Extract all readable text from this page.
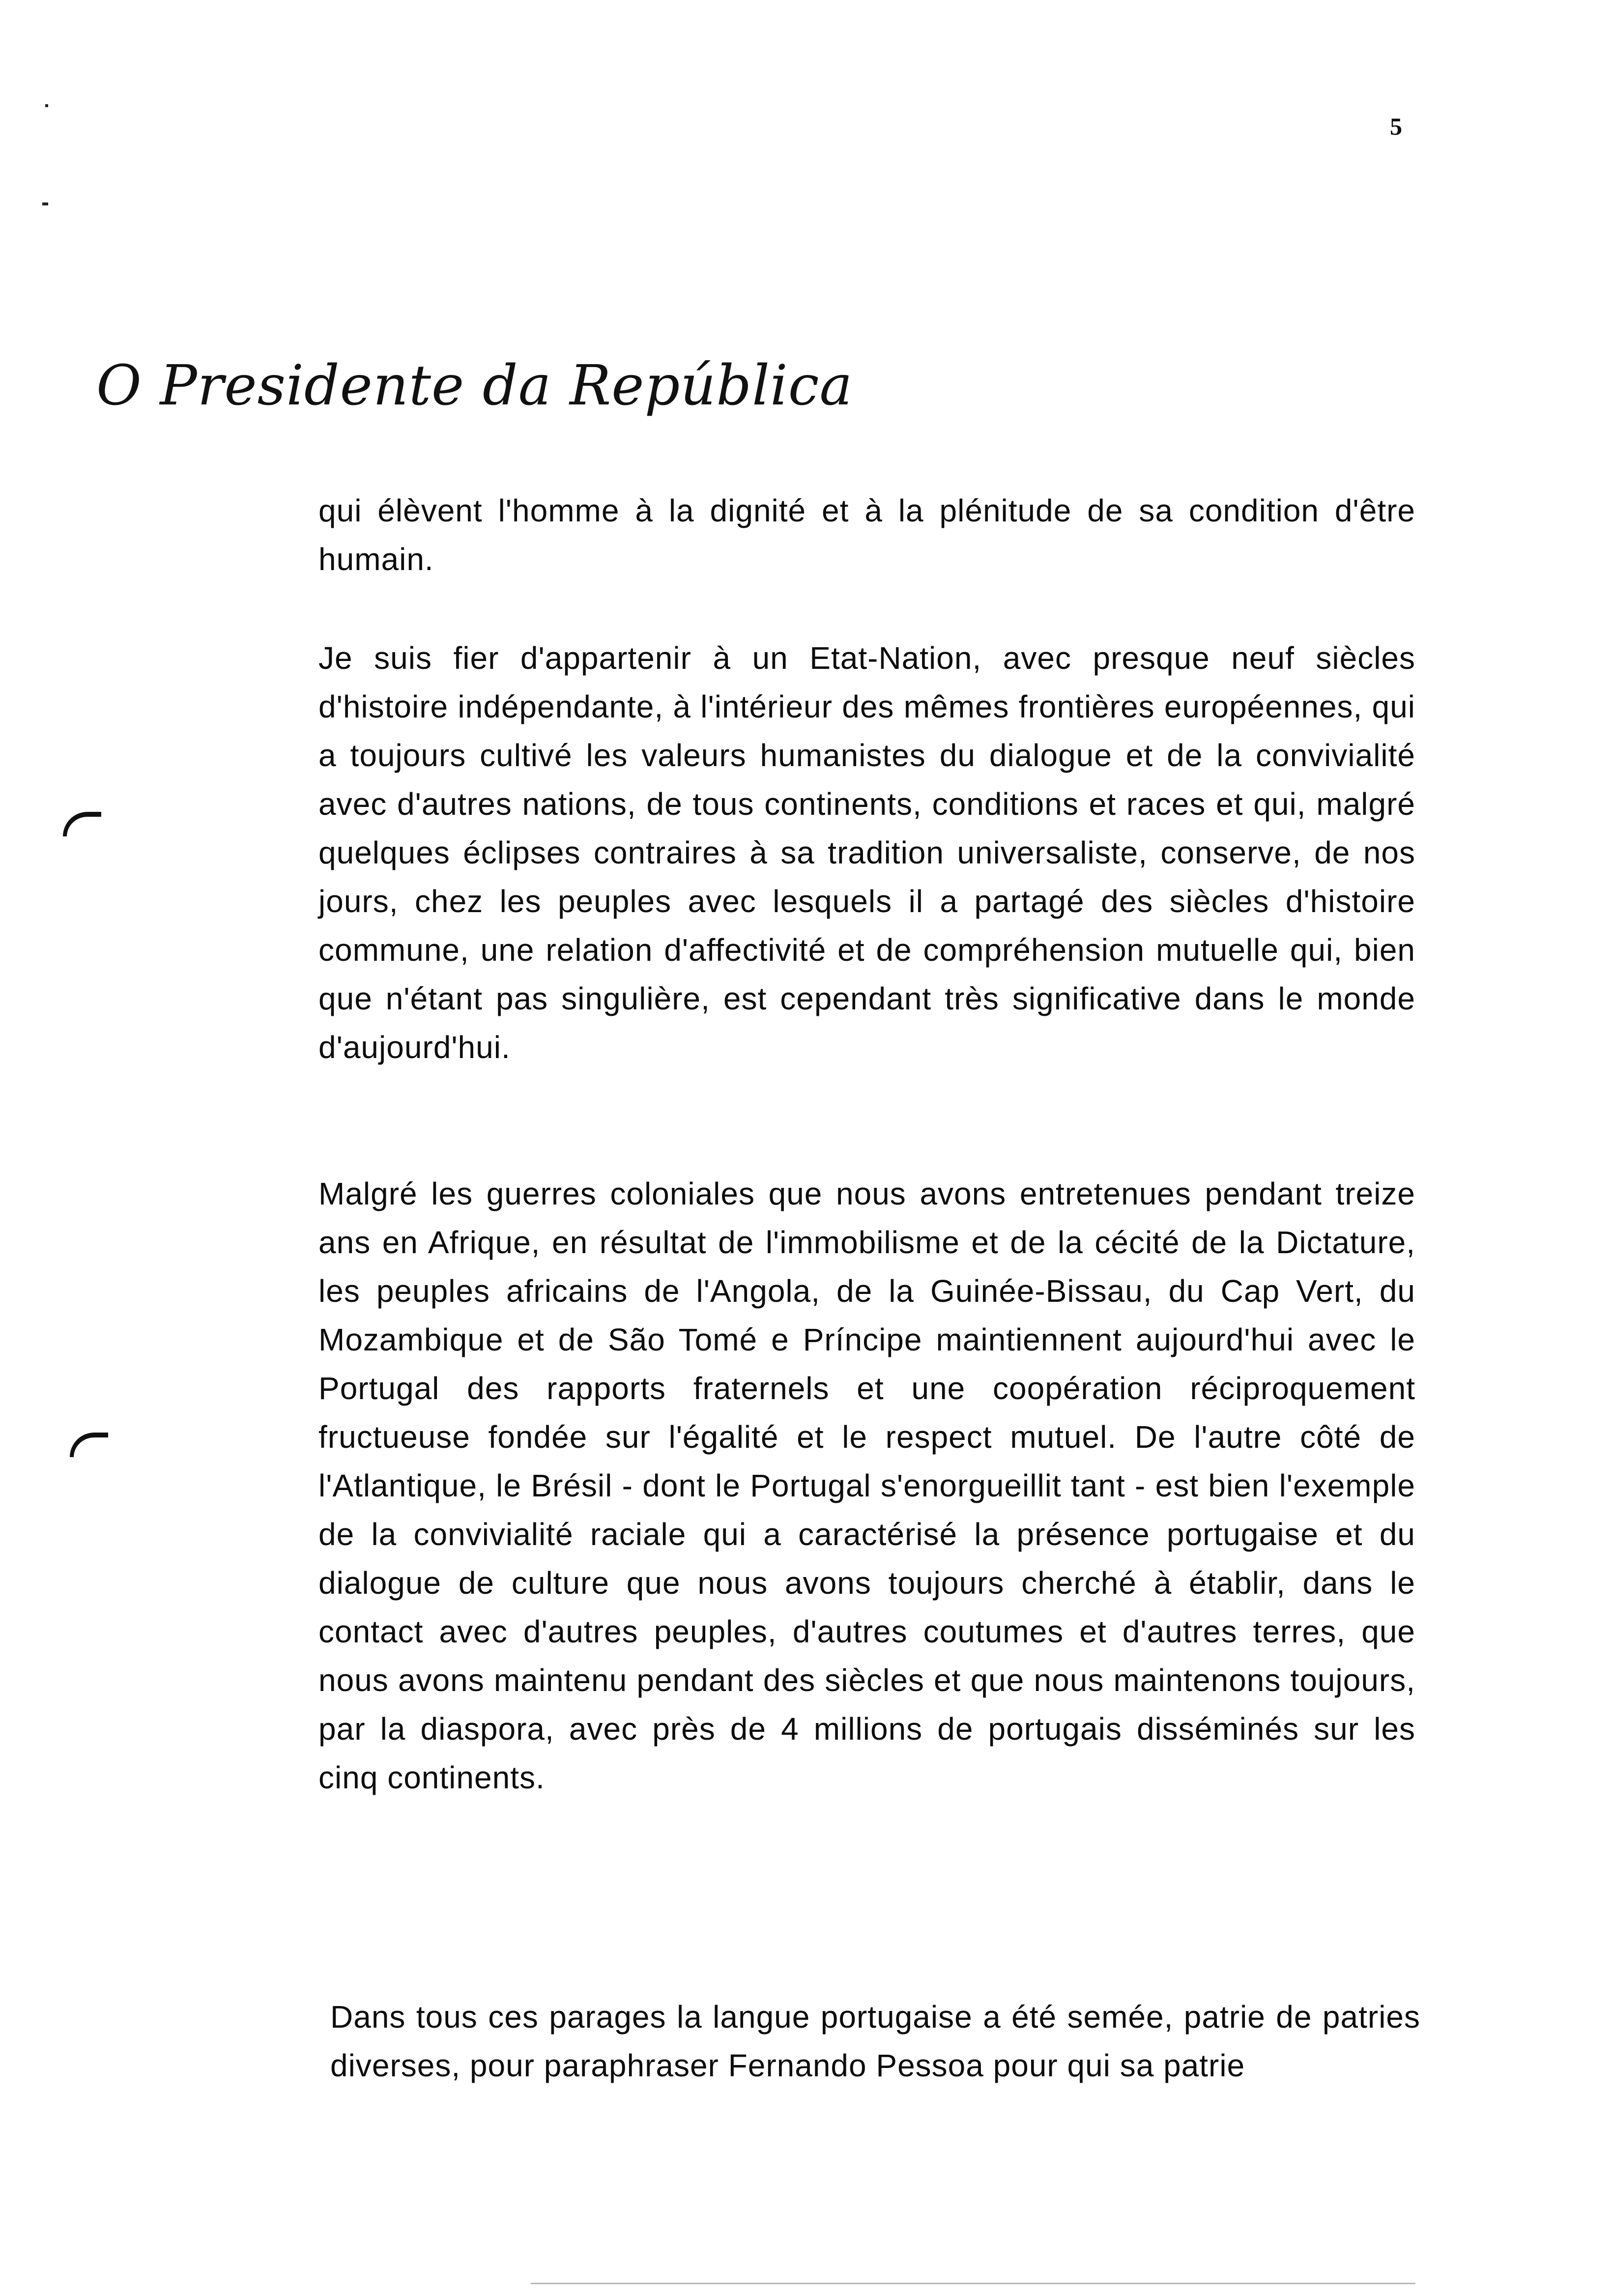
5
O Presidente da República

qui élèvent l'homme à la dignité et à la plénitude de sa condition d'être humain.

Je suis fier d'appartenir à un Etat-Nation, avec presque neuf siècles d'histoire indépendante, à l'intérieur des mêmes frontières européennes, qui a toujours cultivé les valeurs humanistes du dialogue et de la convivialité avec d'autres nations, de tous continents, conditions et races et qui, malgré quelques éclipses contraires à sa tradition universaliste, conserve, de nos jours, chez les peuples avec lesquels il a partagé des siècles d'histoire commune, une relation d'affectivité et de compréhension mutuelle qui, bien que n'étant pas singulière, est cependant très significative dans le monde d'aujourd'hui.

Malgré les guerres coloniales que nous avons entretenues pendant treize ans en Afrique, en résultat de l'immobilisme et de la cécité de la Dictature, les peuples africains de l'Angola, de la Guinée-Bissau, du Cap Vert, du Mozambique et de São Tomé e Príncipe maintiennent aujourd'hui avec le Portugal des rapports fraternels et une coopération réciproquement fructueuse fondée sur l'égalité et le respect mutuel. De l'autre côté de l'Atlantique, le Brésil - dont le Portugal s'enorgueillit tant - est bien l'exemple de la convivialité raciale qui a caractérisé la présence portugaise et du dialogue de culture que nous avons toujours cherché à établir, dans le contact avec d'autres peuples, d'autres coutumes et d'autres terres, que nous avons maintenu pendant des siècles et que nous maintenons toujours, par la diaspora, avec près de 4 millions de portugais disséminés sur les cinq continents.

Dans tous ces parages la langue portugaise a été semée, patrie de patries diverses, pour paraphraser Fernando Pessoa pour qui sa patrie
